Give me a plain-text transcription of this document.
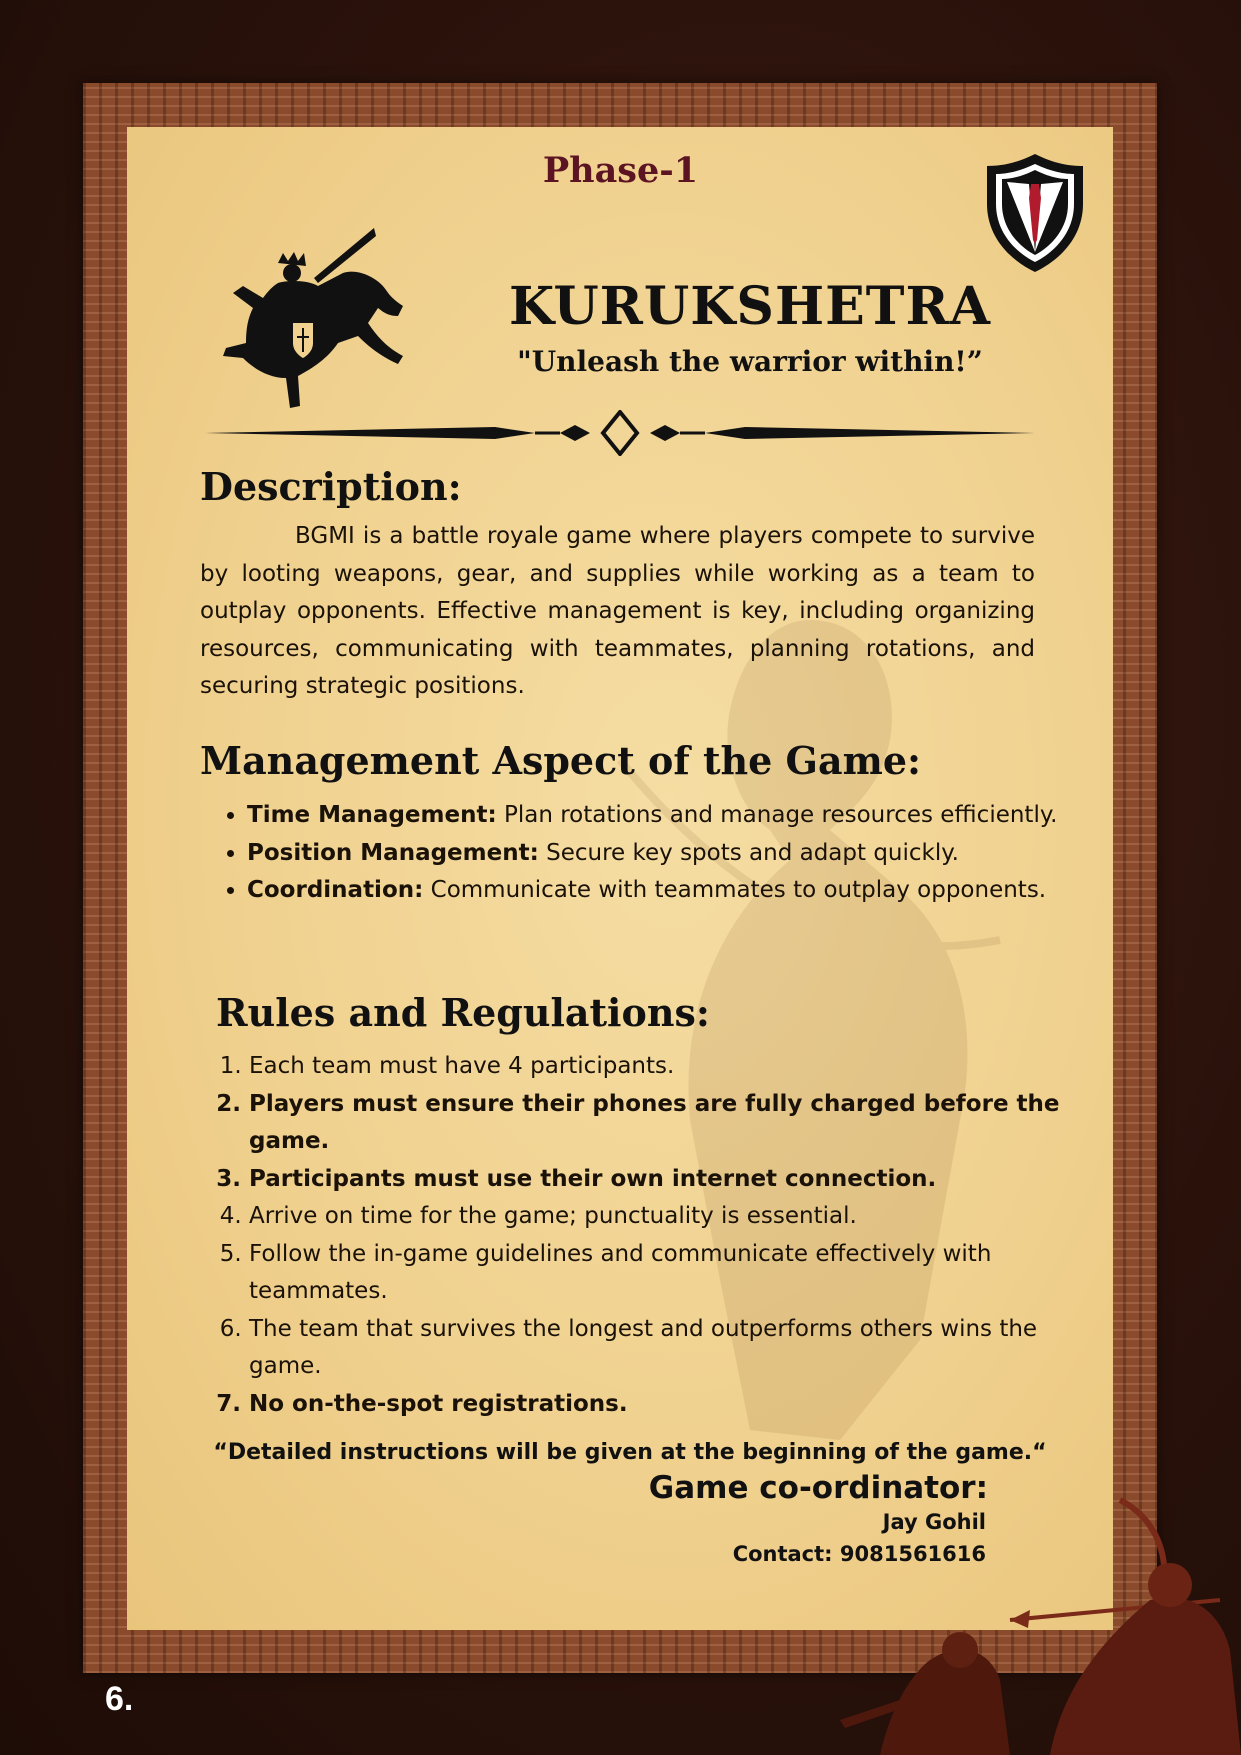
Phase-1
KURUKSHETRA
"Unleash the warrior within!”
Description:
BGMI is a battle royale game where players compete to survive by looting weapons, gear, and supplies while working as a team to outplay opponents. Effective management is key, including organizing resources, communicating with teammates, planning rotations, and securing strategic positions.
Management Aspect of the Game:
• Time Management: Plan rotations and manage resources efficiently.
• Position Management: Secure key spots and adapt quickly.
• Coordination: Communicate with teammates to outplay opponents.
Rules and Regulations:
1. Each team must have 4 participants.
2. Players must ensure their phones are fully charged before the game.
3. Participants must use their own internet connection.
4. Arrive on time for the game; punctuality is essential.
5. Follow the in-game guidelines and communicate effectively with teammates.
6. The team that survives the longest and outperforms others wins the game.
7. No on-the-spot registrations.
“Detailed instructions will be given at the beginning of the game.“
Game co-ordinator:
Jay Gohil
Contact: 9081561616
6.
